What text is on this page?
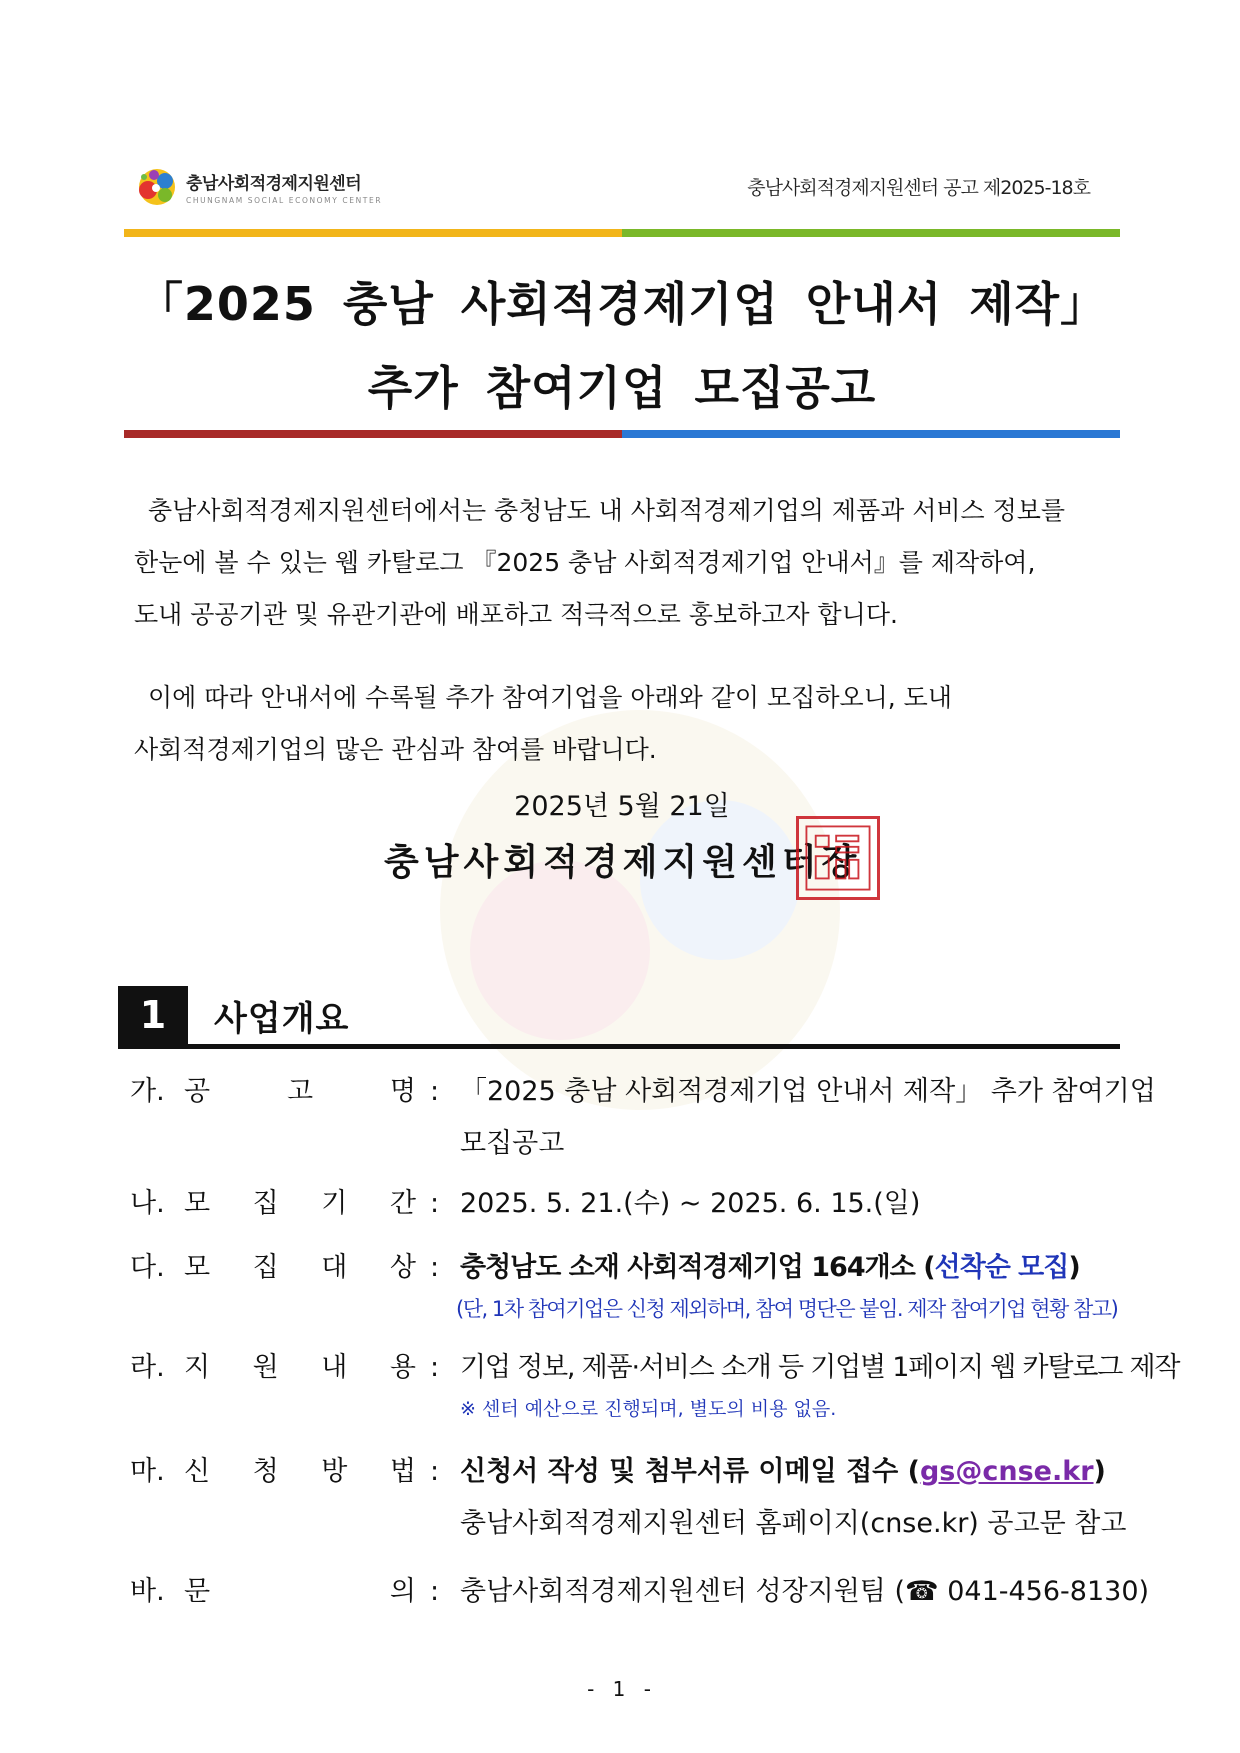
충남사회적경제지원센터
CHUNGNAM SOCIAL ECONOMY CENTER
충남사회적경제지원센터 공고 제2025-18호
「2025 충남 사회적경제기업 안내서 제작」
추가 참여기업 모집공고

충남사회적경제지원센터에서는 충청남도 내 사회적경제기업의 제품과 서비스 정보를

한눈에 볼 수 있는 웹 카탈로그 『2025 충남 사회적경제기업 안내서』를 제작하여,

도내 공공기관 및 유관기관에 배포하고 적극적으로 홍보하고자 합니다.

이에 따라 안내서에 수록될 추가 참여기업을 아래와 같이 모집하오니, 도내

사회적경제기업의 많은 관심과 참여를 바랍니다.

2025년 5월 21일
충남사회적경제지원센터장
1	사업개요
가. 공	고	명 : 「2025 충남 사회적경제기업 안내서 제작」 추가 참여기업
모집공고
나. 모 집 기 간 : 2025. 5. 21.(수) ~ 2025. 6. 15.(일)
다. 모 집 대 상 : 충청남도 소재 사회적경제기업 164개소 (선착순 모집)
(단, 1차 참여기업은 신청 제외하며, 참여 명단은 붙임. 제작 참여기업 현황 참고)
라. 지 원 내 용 : 기업 정보, 제품·서비스 소개 등 기업별 1페이지 웹 카탈로그 제작
※ 센터 예산으로 진행되며, 별도의 비용 없음.
마. 신 청 방 법 : 신청서 작성 및 첨부서류 이메일 접수 (gs@cnse.kr)
충남사회적경제지원센터 홈페이지(cnse.kr) 공고문 참고
바. 문	의 : 충남사회적경제지원센터 성장지원팀 (☎ 041-456-8130)
- 1 -
